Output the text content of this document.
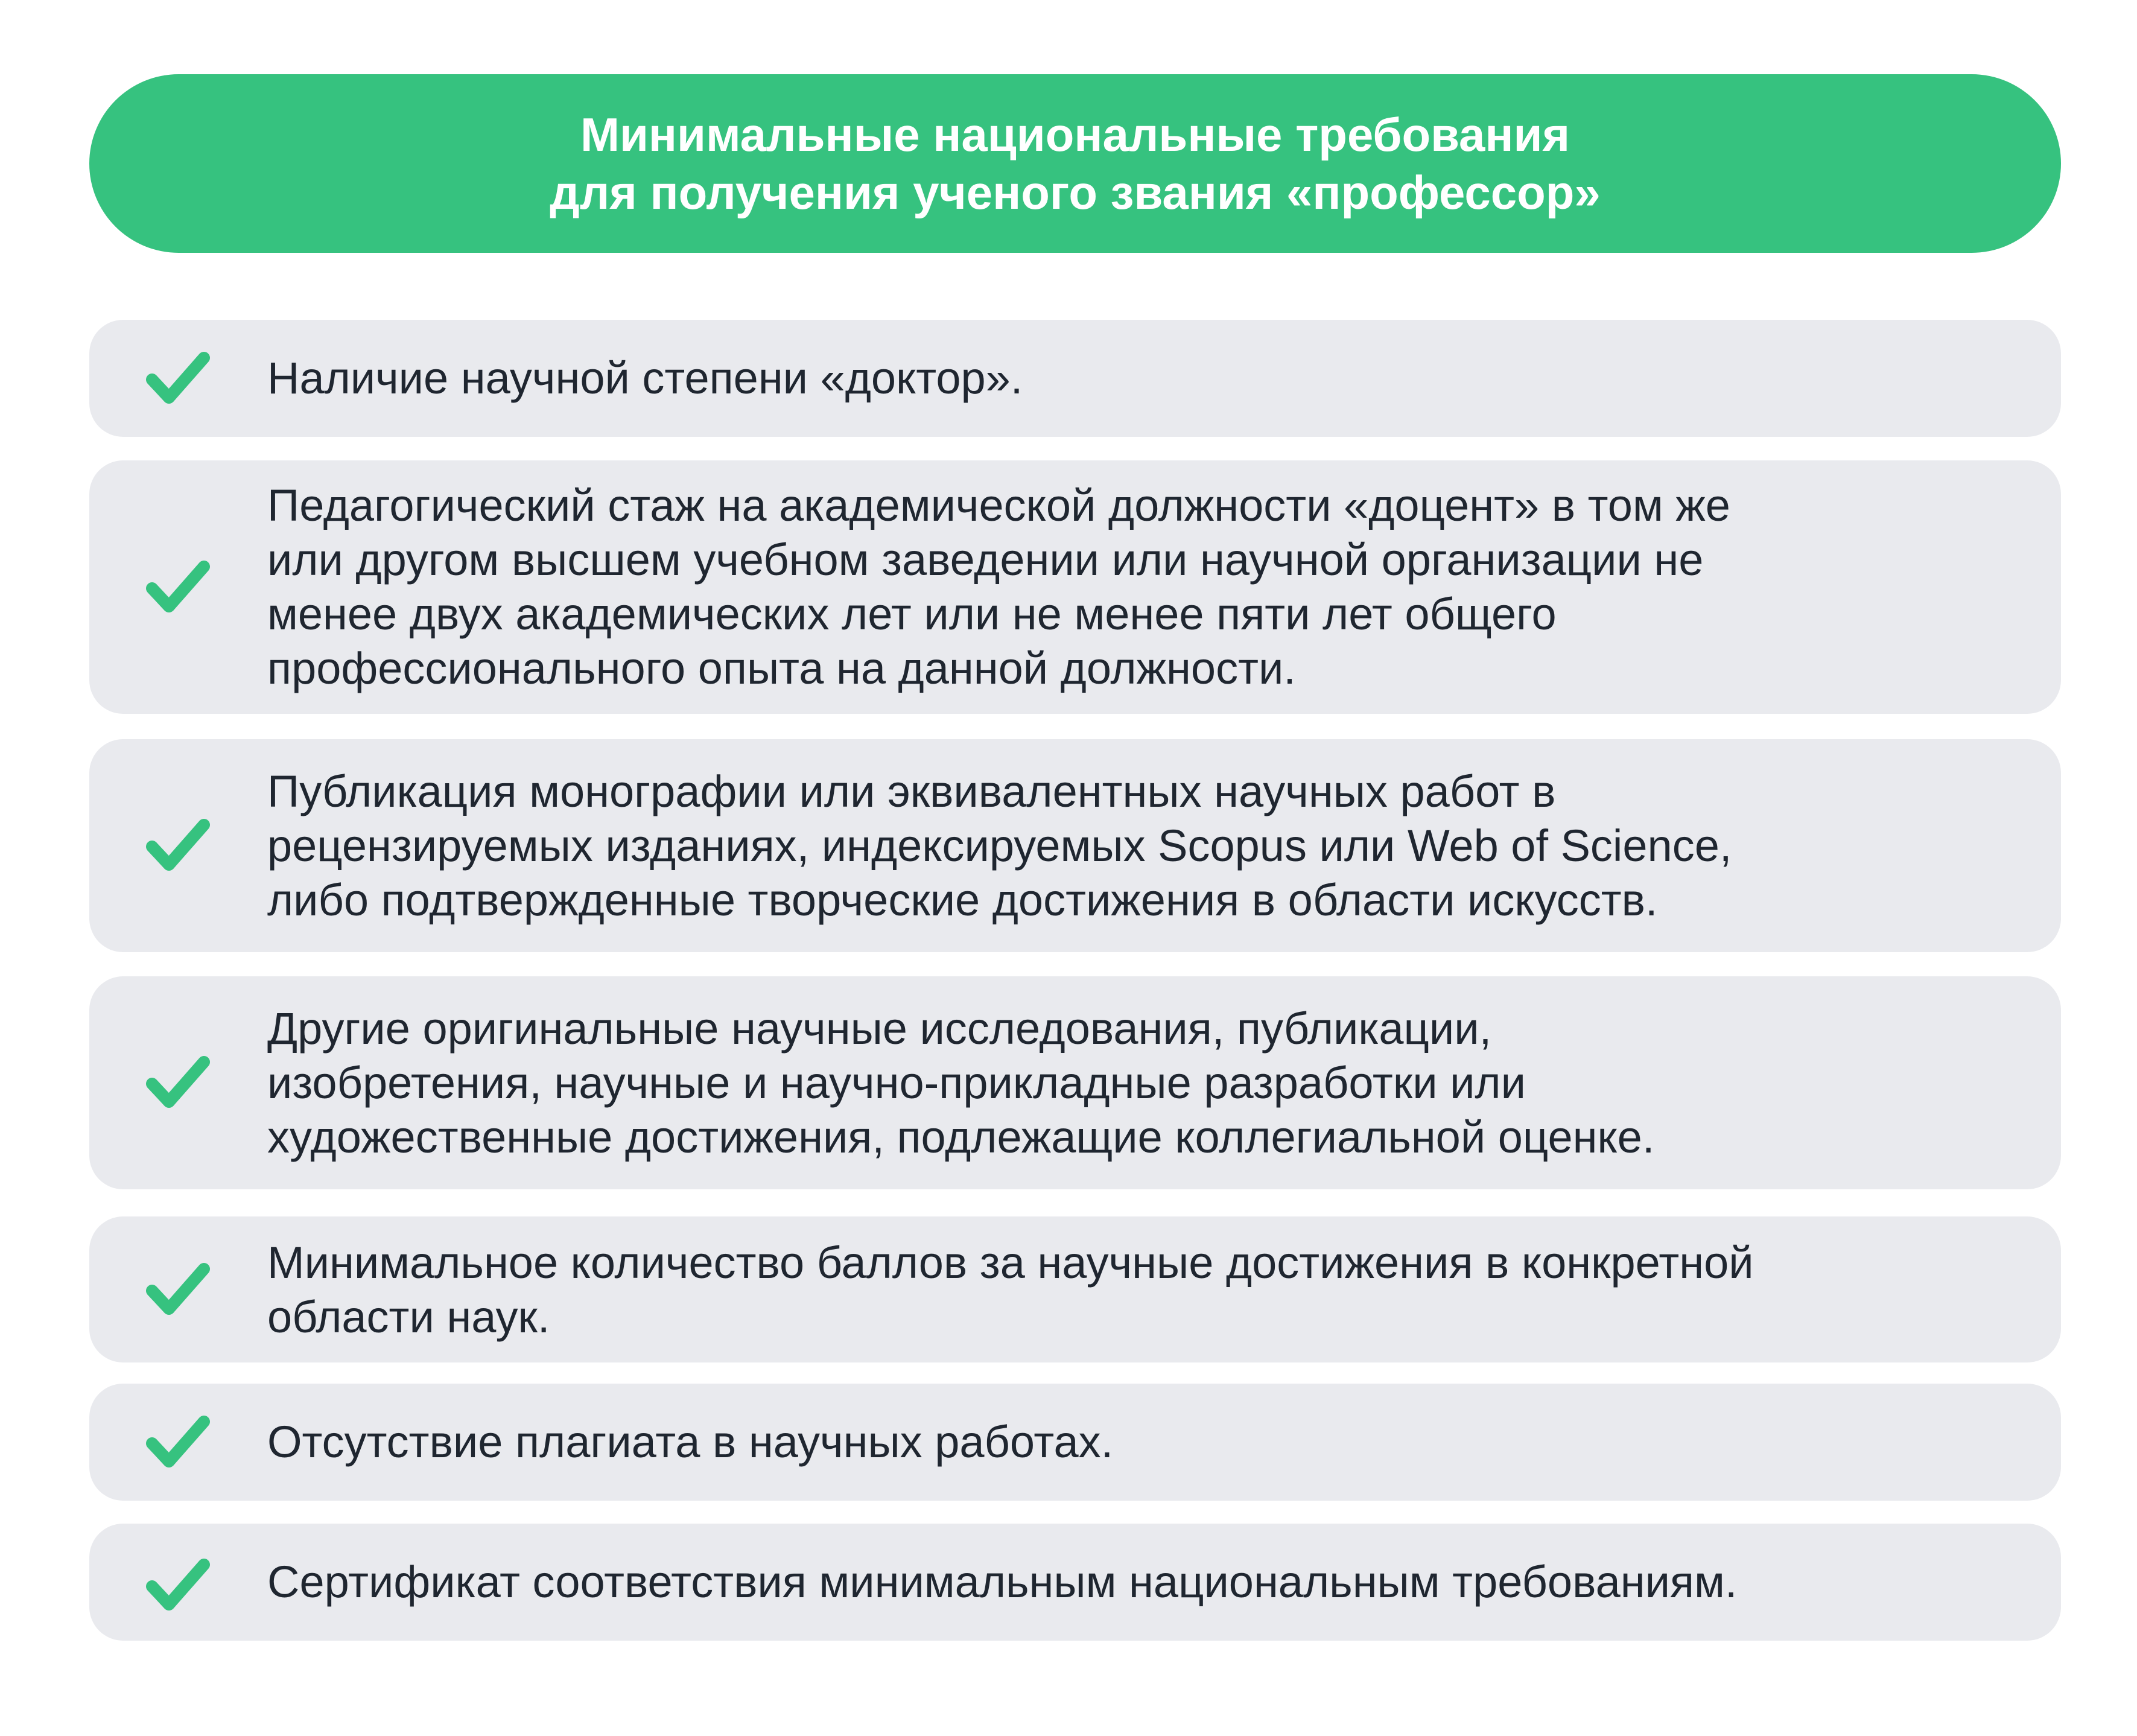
Минимальные национальные требования
для получения ученого звания «профессор»
Наличие научной степени «доктор».
Педагогический стаж на академической должности «доцент» в том же
или другом высшем учебном заведении или научной организации не
менее двух академических лет или не менее пяти лет общего
профессионального опыта на данной должности.
Публикация монографии или эквивалентных научных работ в
рецензируемых изданиях, индексируемых Scopus или Web of Science,
либо подтвержденные творческие достижения в области искусств.
Другие оригинальные научные исследования, публикации,
изобретения, научные и научно-прикладные разработки или
художественные достижения, подлежащие коллегиальной оценке.
Минимальное количество баллов за научные достижения в конкретной
области наук.
Отсутствие плагиата в научных работах.
Сертификат соответствия минимальным национальным требованиям.
